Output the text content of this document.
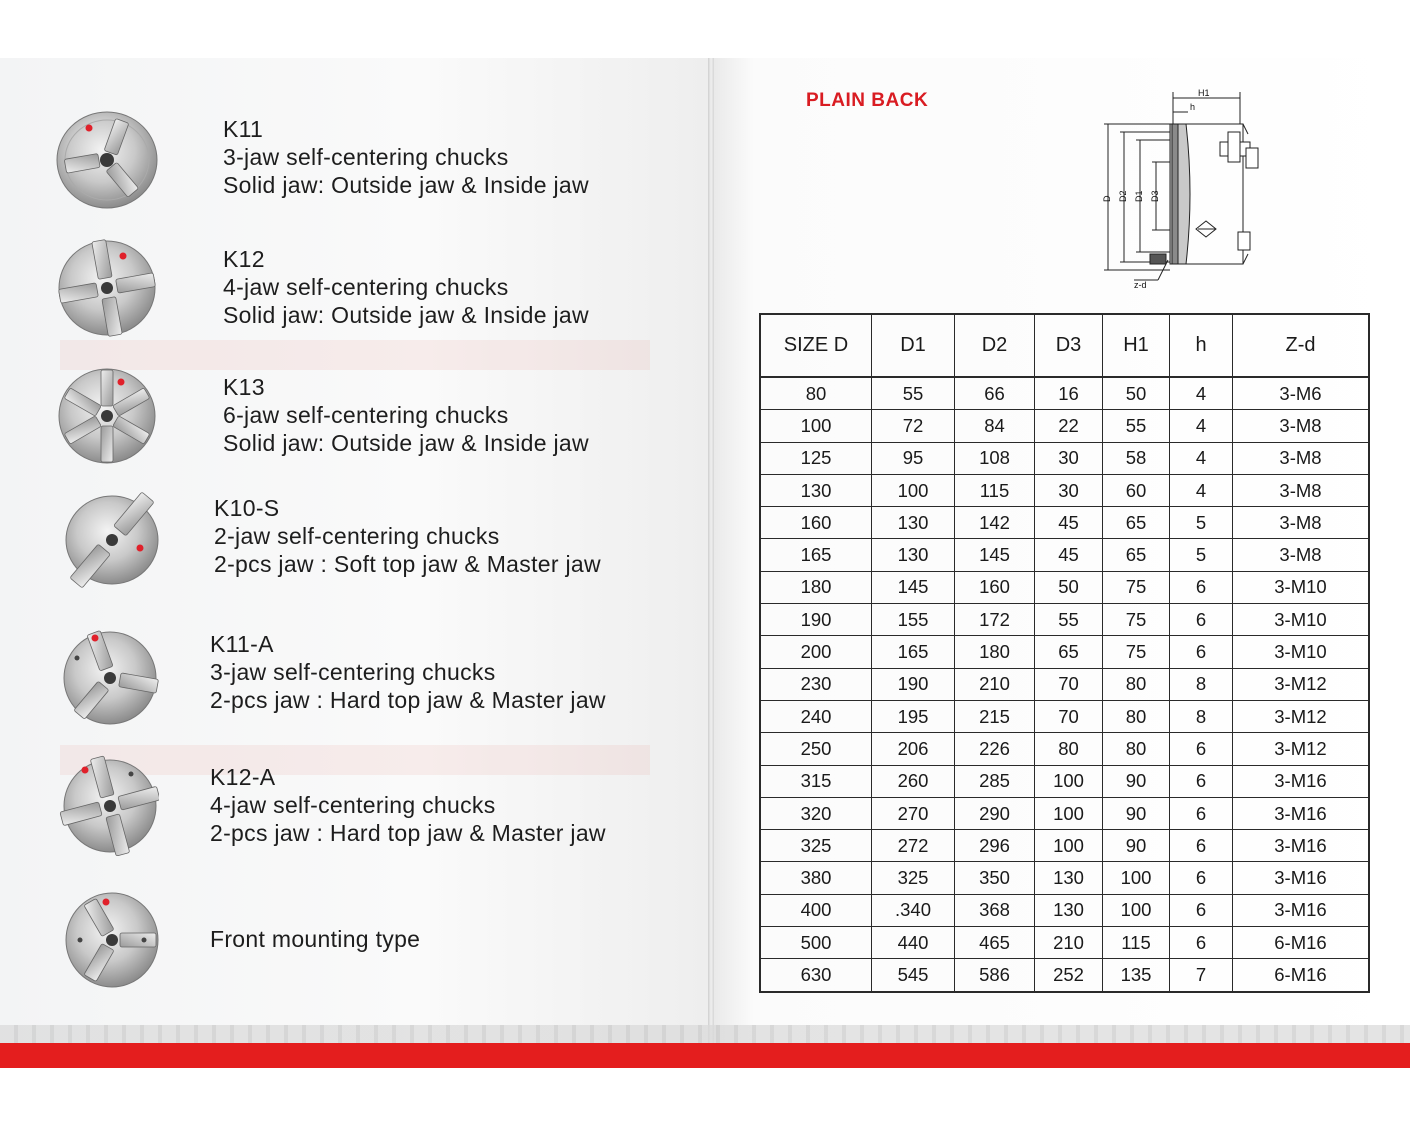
K11
3-jaw self-centering chucks
Solid jaw: Outside jaw & Inside jaw
K12
4-jaw self-centering chucks
Solid jaw: Outside jaw & Inside jaw
K13
6-jaw self-centering chucks
Solid jaw: Outside jaw & Inside jaw
K10-S
2-jaw self-centering chucks
2-pcs jaw : Soft top jaw & Master jaw
K11-A
3-jaw self-centering chucks
2-pcs jaw : Hard top jaw & Master jaw
K12-A
4-jaw self-centering chucks
2-pcs jaw : Hard top jaw & Master jaw
Front mounting type
PLAIN BACK	H1
h
D D2 D1 D3
z-d
SIZE D	D1	D2	D3	H1	h	Z-d
80	55	66	16	50	4	3-M6
100	72	84	22	55	4	3-M8
125	95	108	30	58	4	3-M8
130	100	115	30	60	4	3-M8
160	130	142	45	65	5	3-M8
165	130	145	45	65	5	3-M8
180	145	160	50	75	6	3-M10
190	155	172	55	75	6	3-M10
200	165	180	65	75	6	3-M10
230	190	210	70	80	8	3-M12
240	195	215	70	80	8	3-M12
250	206	226	80	80	6	3-M12
315	260	285	100	90	6	3-M16
320	270	290	100	90	6	3-M16
325	272	296	100	90	6	3-M16
380	325	350	130	100	6	3-M16
400	.340	368	130	100	6	3-M16
500	440	465	210	115	6	6-M16
630	545	586	252	135	7	6-M16
